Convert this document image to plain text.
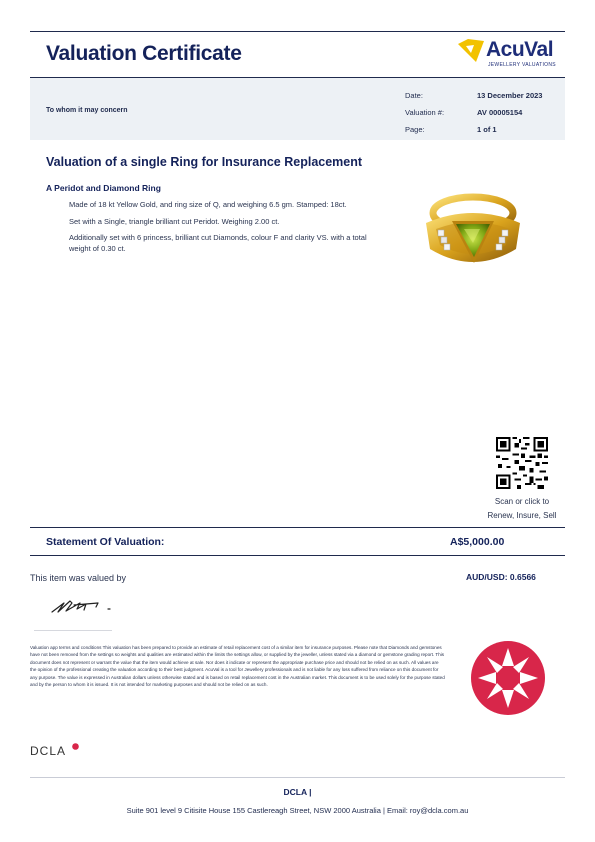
Valuation Certificate	AcuVal
JEWELLERY VALUATIONS
To whom it may concern
Date:	13 December 2023
Valuation #:	AV 00005154
Page:	1 of 1
Valuation of a single Ring for Insurance Replacement
A Peridot and Diamond Ring
Made of 18 kt Yellow Gold, and ring size of Q, and weighing 6.5 gm. Stamped: 18ct.
Set with a Single, triangle brilliant cut Peridot. Weighing 2.00 ct.
Additionally set with 6 princess, brilliant cut Diamonds, colour F and clarity VS. with a total weight of 0.30 ct.
Scan or click to
Renew, Insure, Sell
Statement Of Valuation:	A$5,000.00
This item was valued by	AUD/USD: 0.6566
Valuation app terms and conditions This valuation has been prepared to provide an estimate of retail replacement cost of a similar item for insurance purposes. Please note that Diamonds and gemstones have not been removed from the settings so weights and qualities are estimated within the limits the settings allow, or supplied by the jeweller, unless stated via a diamond or gemstone grading report. This document does not represent or warrant the value that the item would achieve at sale. Nor does it indicate or represent the appropriate purchase price and should not be relied on as such. All values are the opinion of the professional creating the valuation according to their best judgment. AcuVal is a tool for Jewellery professionals and is not liable for any loss suffered from reliance on this document for any purpose. The value is expressed in Australian dollars unless otherwise stated and is based on retail replacement cost in the Australian market. This document is to be used solely for the purpose stated and by the person to whom it is issued. It is not intended for marketing purposes and should not be relied on as such.
DCLA
DCLA |
Suite 901 level 9 Citisite House 155 Castlereagh Street, NSW 2000 Australia | Email: roy@dcla.com.au
